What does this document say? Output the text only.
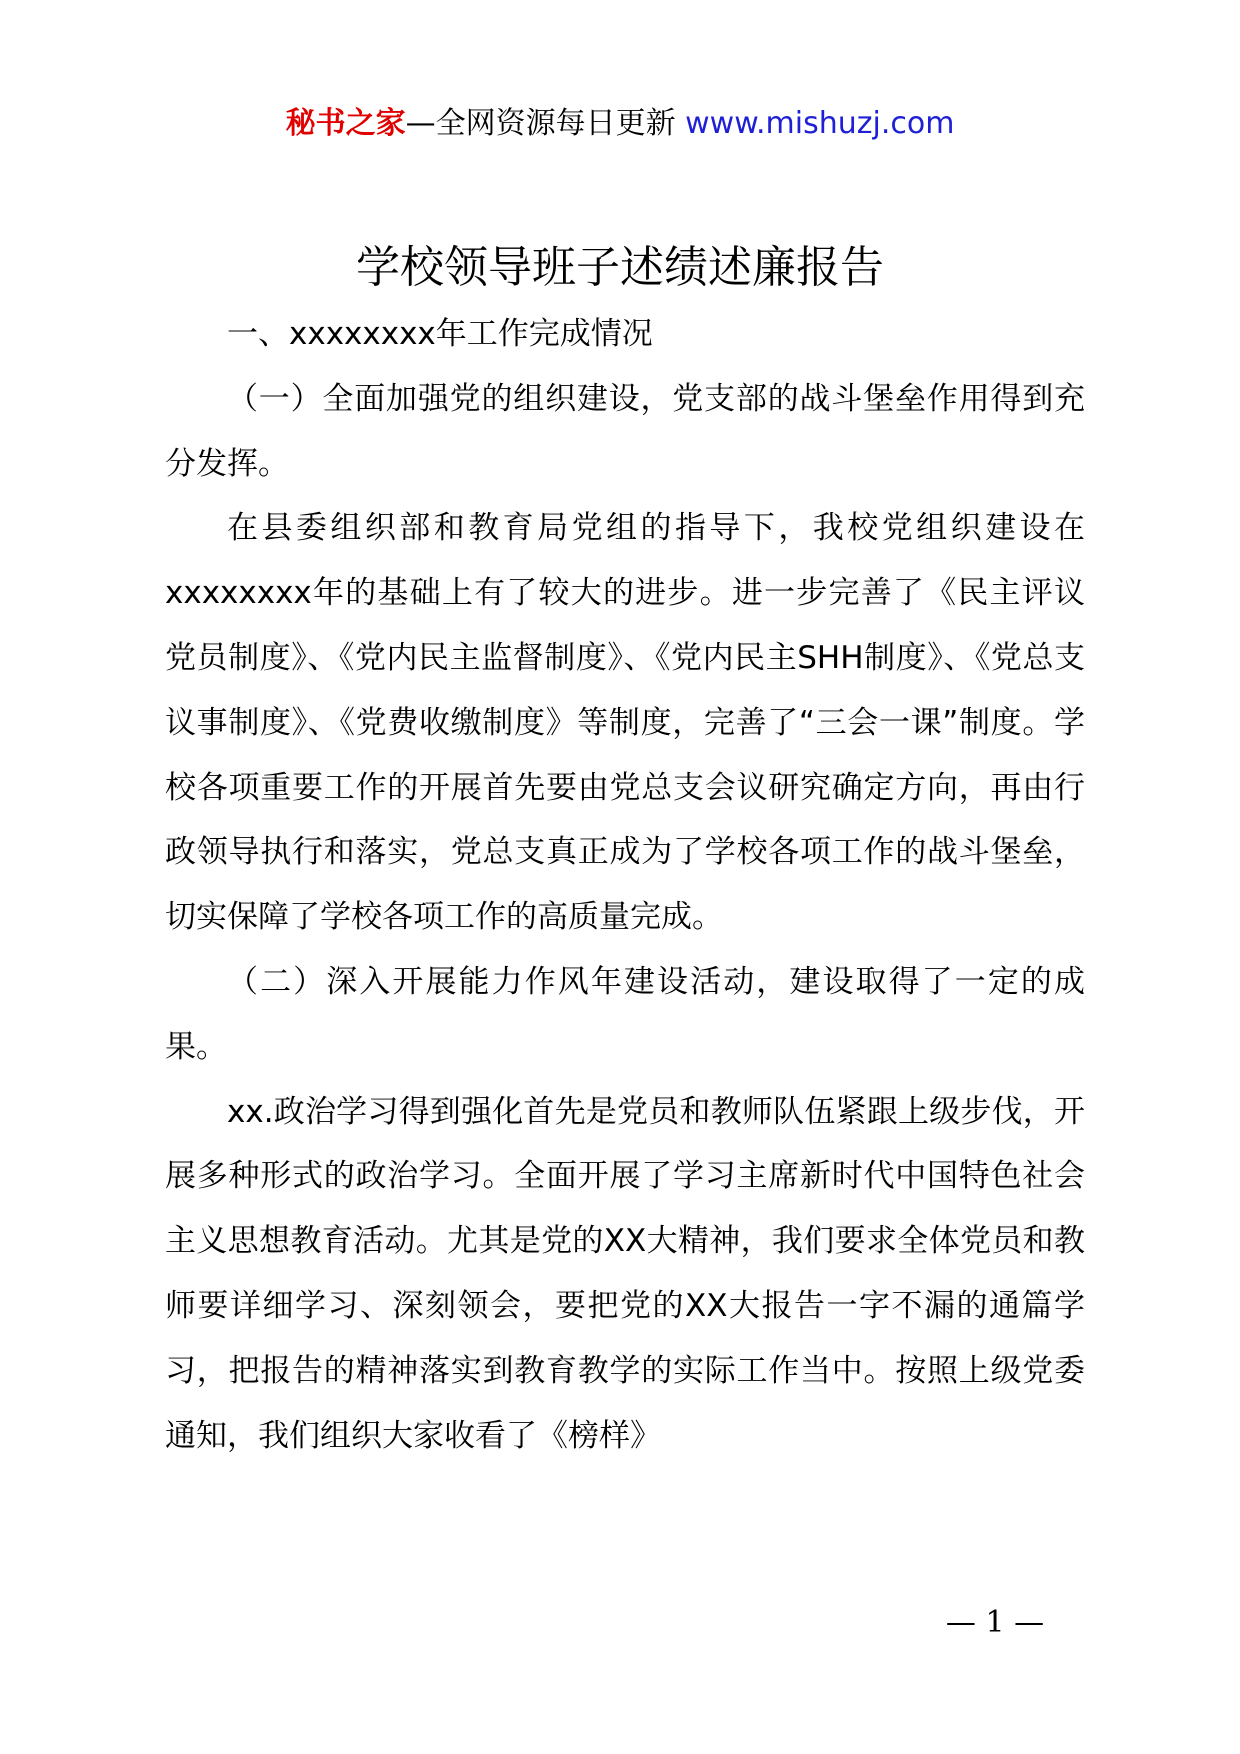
秘书之家—全网资源每日更新 www.mishuzj.com
学校领导班子述绩述廉报告

一、xxxxxxxx年工作完成情况

（一）全面加强党的组织建设，党支部的战斗堡垒作用得到充分发挥。

在县委组织部和教育局党组的指导下，我校党组织建设在xxxxxxxx年的基础上有了较大的进步。进一步完善了《民主评议党员制度》、《党内民主监督制度》、《党内民主SHH制度》、《党总支议事制度》、《党费收缴制度》等制度，完善了“三会一课”制度。学校各项重要工作的开展首先要由党总支会议研究确定方向，再由行政领导执行和落实，党总支真正成为了学校各项工作的战斗堡垒，切实保障了学校各项工作的高质量完成。

（二）深入开展能力作风年建设活动，建设取得了一定的成果。

xx.政治学习得到强化首先是党员和教师队伍紧跟上级步伐，开展多种形式的政治学习。全面开展了学习主席新时代中国特色社会主义思想教育活动。尤其是党的XX大精神，我们要求全体党员和教师要详细学习、深刻领会，要把党的XX大报告一字不漏的通篇学习，把报告的精神落实到教育教学的实际工作当中。按照上级党委通知，我们组织大家收看了《榜样》

— 1 —
